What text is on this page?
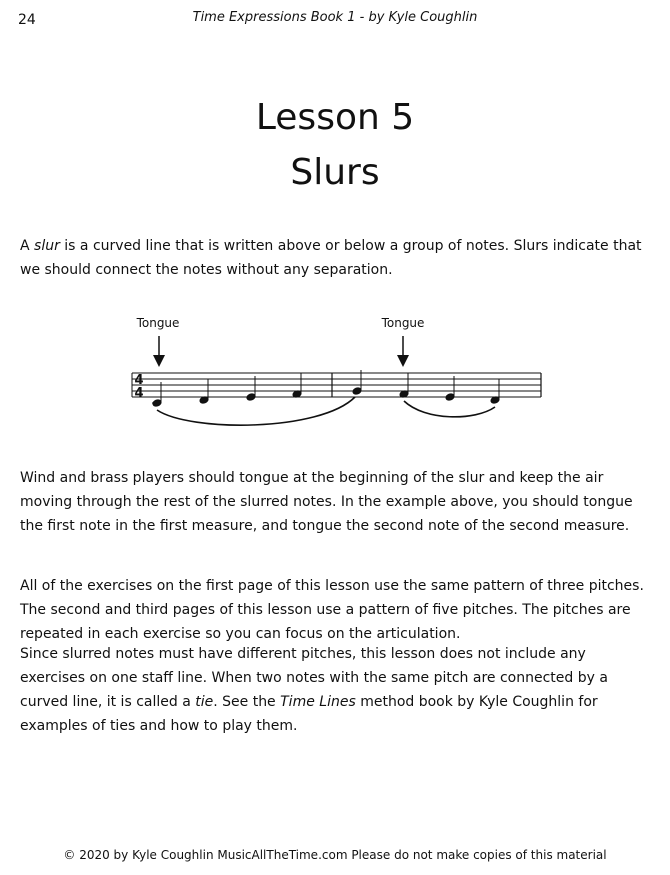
24	Time Expressions Book 1 - by Kyle Coughlin
Lesson 5
Slurs

A slur is a curved line that is written above or below a group of notes. Slurs indicate that we should connect the notes without any separation.

Tongue	Tongue
4
4

Wind and brass players should tongue at the beginning of the slur and keep the air moving through the rest of the slurred notes. In the example above, you should tongue the first note in the first measure, and tongue the second note of the second measure.

All of the exercises on the first page of this lesson use the same pattern of three pitches. The second and third pages of this lesson use a pattern of five pitches. The pitches are repeated in each exercise so you can focus on the articulation.

Since slurred notes must have different pitches, this lesson does not include any exercises on one staff line. When two notes with the same pitch are connected by a curved line, it is called a tie. See the Time Lines method book by Kyle Coughlin for examples of ties and how to play them.

© 2020 by Kyle Coughlin MusicAllTheTime.com Please do not make copies of this material
